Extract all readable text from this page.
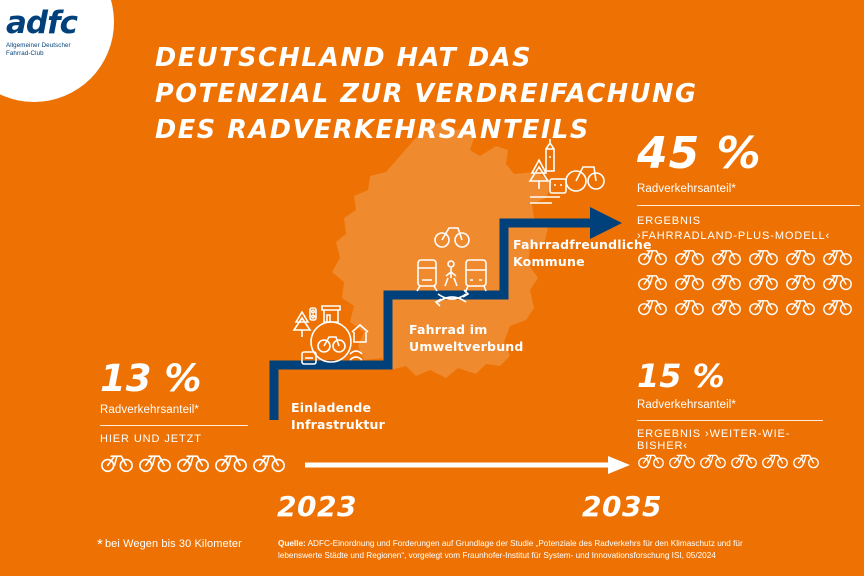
adfc
Allgemeiner Deutscher
Fahrrad-Club	DEUTSCHLAND HAT DAS POTENZIAL ZUR VERDREIFACHUNG DES RADVERKEHRSANTEILS
Einladende
Infrastruktur
Fahrrad im
Umweltverbund
Fahrradfreundliche
Kommune
2023	2035
13 %
Radverkehrsanteil*
HIER UND JETZT
15 %
Radverkehrsanteil*
ERGEBNIS ›WEITER-WIE-BISHER‹
45 %
Radverkehrsanteil*
ERGEBNIS
›FAHRRADLAND-PLUS-MODELL‹
* bei Wegen bis 30 Kilometer	Quelle: ADFC-Einordnung und Forderungen auf Grundlage der Studie „Potenziale des Radverkehrs für den Klimaschutz und für lebenswerte Städte und Regionen“, vorgelegt vom Fraunhofer-Institut für System- und Innovationsforschung ISI, 05/2024
